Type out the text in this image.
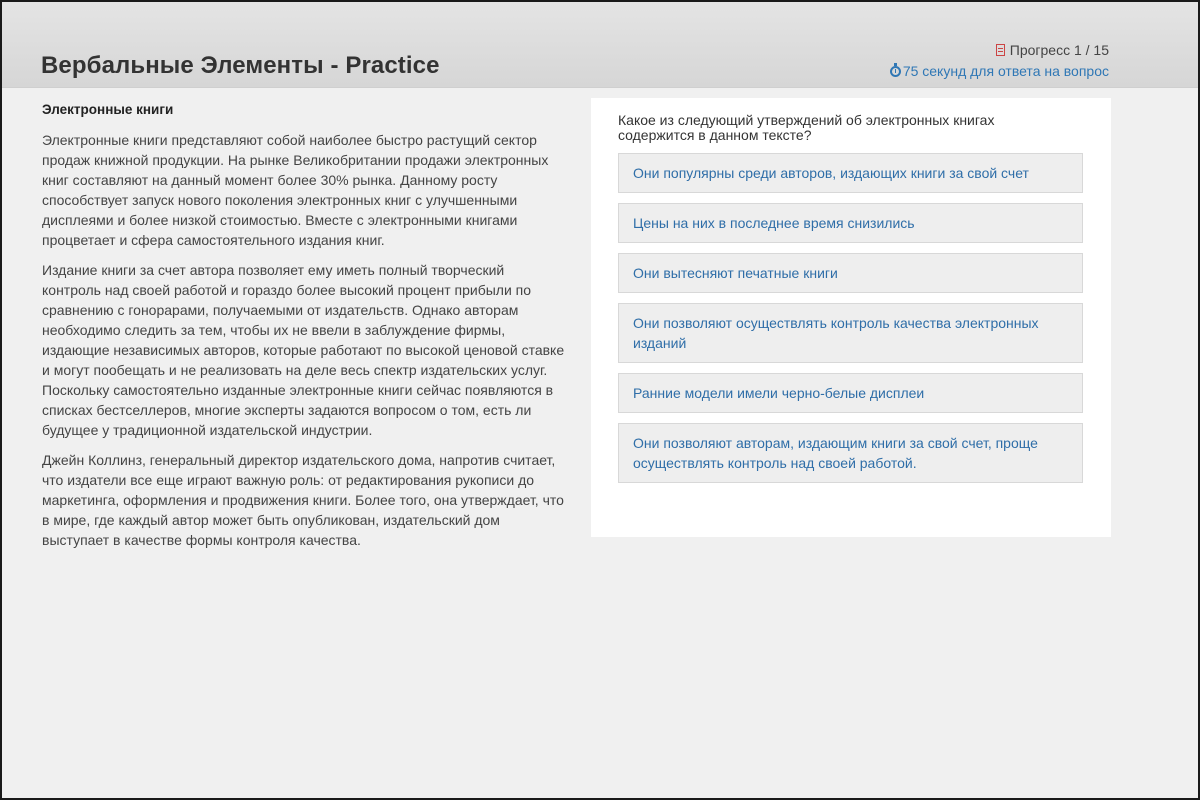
Вербальные Элементы - Practice
Прогресс 1 / 15
75 секунд для ответа на вопрос
Электронные книги

Электронные книги представляют собой наиболее быстро растущий сектор продаж книжной продукции. На рынке Великобритании продажи электронных книг составляют на данный момент более 30% рынка. Данному росту способствует запуск нового поколения электронных книг с улучшенными дисплеями и более низкой стоимостью. Вместе с электронными книгами процветает и сфера самостоятельного издания книг.

Издание книги за счет автора позволяет ему иметь полный творческий контроль над своей работой и гораздо более высокий процент прибыли по сравнению с гонорарами, получаемыми от издательств. Однако авторам необходимо следить за тем, чтобы их не ввели в заблуждение фирмы, издающие независимых авторов, которые работают по высокой ценовой ставке и могут пообещать и не реализовать на деле весь спектр издательских услуг. Поскольку самостоятельно изданные электронные книги сейчас появляются в списках бестселлеров, многие эксперты задаются вопросом о том, есть ли будущее у традиционной издательской индустрии.

Джейн Коллинз, генеральный директор издательского дома, напротив считает, что издатели все еще играют важную роль: от редактирования рукописи до маркетинга, оформления и продвижения книги. Более того, она утверждает, что в мире, где каждый автор может быть опубликован, издательский дом выступает в качестве формы контроля качества.

Какое из следующий утверждений об электронных книгах содержится в данном тексте?
Они популярны среди авторов, издающих книги за свой счет
Цены на них в последнее время снизились
Они вытесняют печатные книги
Они позволяют осуществлять контроль качества электронных изданий
Ранние модели имели черно-белые дисплеи
Они позволяют авторам, издающим книги за свой счет, проще осуществлять контроль над своей работой.
